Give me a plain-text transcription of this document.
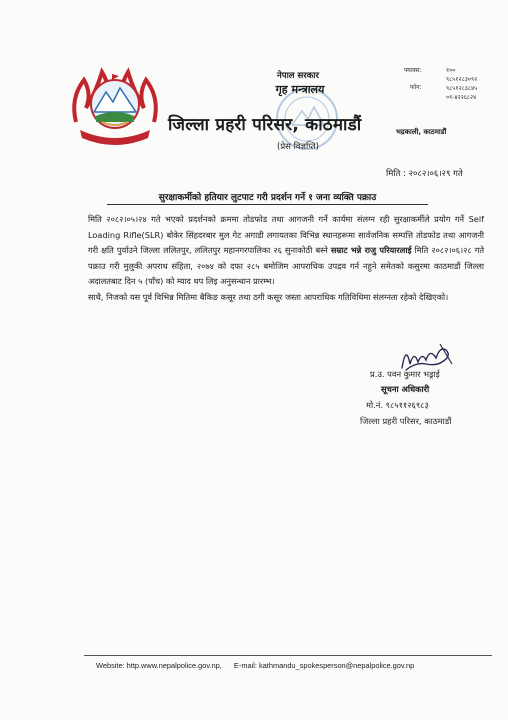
नेपाल सरकार
गृह मन्त्रालय
जिल्ला प्रहरी परिसर, काठमाडौं
(प्रेस विज्ञप्ति)
फ्याक्स:	१००
फोन:
९८५१२८३०९२
९८५१२८३८४५
०१-४२२६८२४
भद्रकाली, काठमाडौं
मिति : २०८२।०६।२९ गते
सुरक्षाकर्मीको हतियार लुटपाट गरी प्रदर्शन गर्ने १ जना व्यक्ति पक्राउ

मिति २०८२।०५।२४ गते भएको प्रदर्शनको क्रममा तोडफोड तथा आगजनी गर्ने कार्यमा संलग्न रही सुरक्षाकर्मीले प्रयोग गर्ने Self Loading Rifle(SLR) बोकेर सिंहदरबार मुल गेट अगाडी लगायतका विभिन्न स्थानहरूमा सार्वजनिक सम्पत्ति तोडफोड तथा आगजनी गरी क्षति पुर्याउने जिल्ला ललितपुर, ललितपुर महानगरपालिका २६ सुनाकोठी बस्ने सम्राट भन्ने राजु परियारलाई मिति २०८२।०६।२८ गते पक्राउ गरी मुलुकी अपराध संहिता, २०७४ को दफा २८५ बमोजिम आपराधिक उपद्रव गर्न नहुने समेतको कसुरमा काठमाडौं जिल्ला अदालतबाट दिन ५ (पाँच) को म्याद थप लिइ अनुसन्धान प्रारम्भ।

साथै, निजको यस पूर्व विभिन्न मितिमा बैकिङ कसूर तथा ठगी कसूर जस्ता आपराधिक गतिविधिमा संलग्नता रहेको देखिएको।

प्र.उ. पवन कुमार भड्राई
सूचना अधिकारी
मो.नं. ९८५११२६९८३
जिल्ला प्रहरी परिसर, काठमाडौं
Website: http.www.nepalpolice.gov.np, E-mail: kathmandu_spokesperson@nepalpolice.gov.np
